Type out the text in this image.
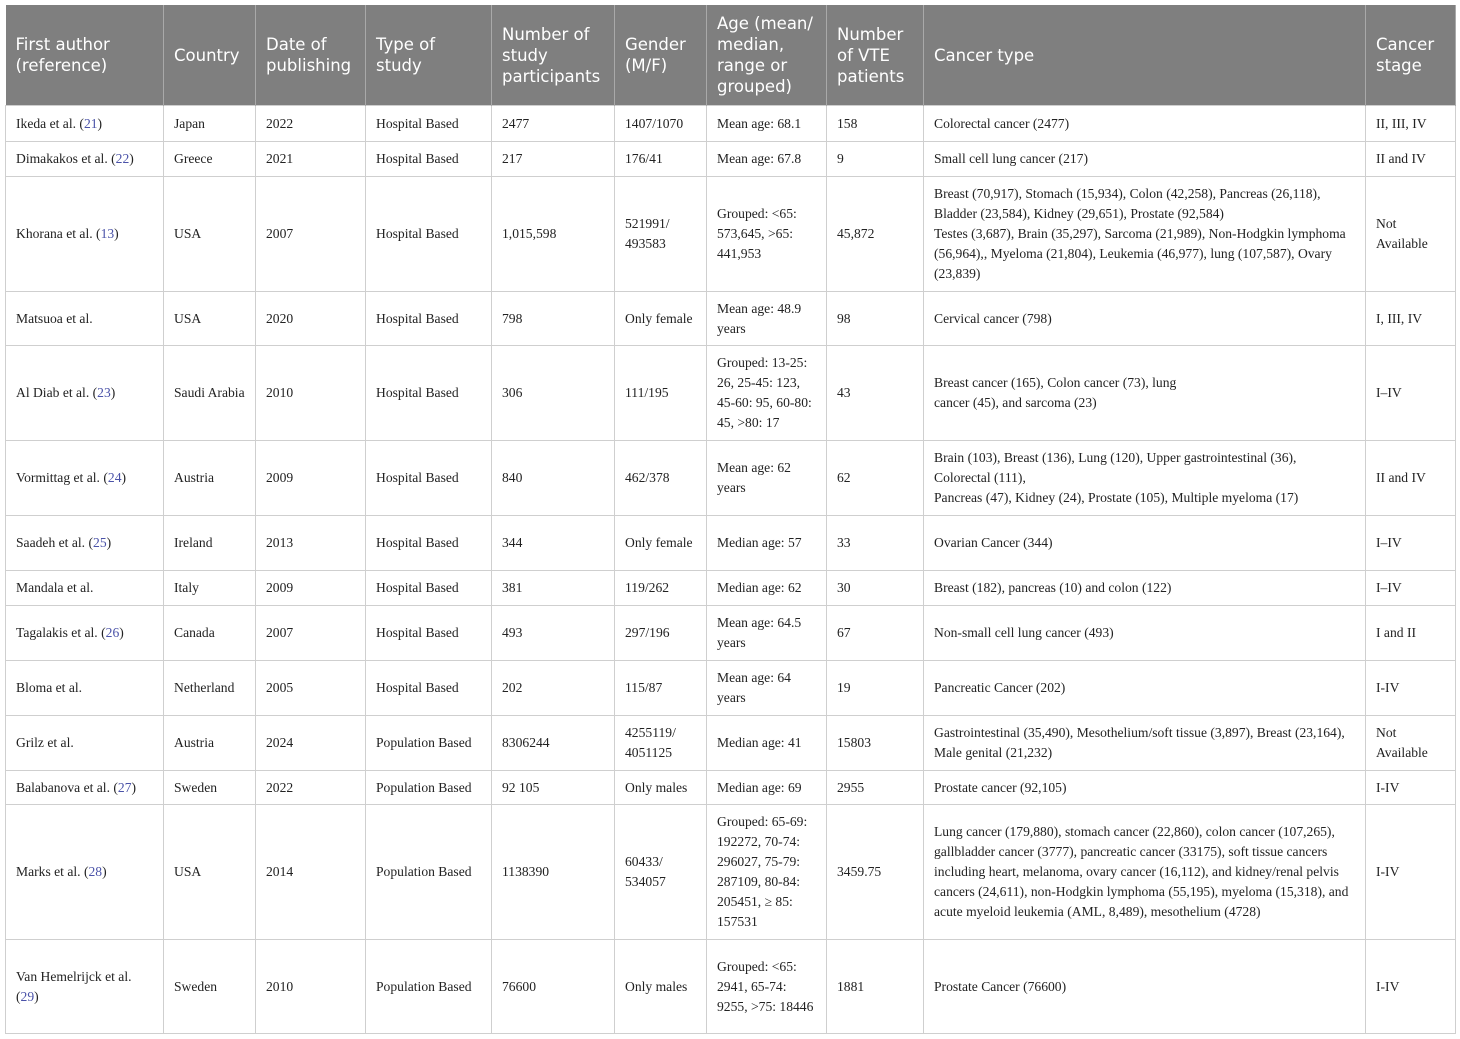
First author (reference)	Country	Date of publishing	Type of study	Number of study participants	Gender (M/F)	Age (mean/ median, range or grouped)	Number of VTE patients	Cancer type	Cancer stage
Ikeda et al. (21)	Japan	2022	Hospital Based	2477	1407/1070	Mean age: 68.1	158	Colorectal cancer (2477)	II, III, IV
Dimakakos et al. (22)	Greece	2021	Hospital Based	217	176/41	Mean age: 67.8	9	Small cell lung cancer (217)	II and IV
Khorana et al. (13)	USA	2007	Hospital Based	1,015,598	521991/ 493583	Grouped: <65: 573,645, >65: 441,953	45,872	Breast (70,917), Stomach (15,934), Colon (42,258), Pancreas (26,118), Bladder (23,584), Kidney (29,651), Prostate (92,584)
Testes (3,687), Brain (35,297), Sarcoma (21,989), Non-Hodgkin lymphoma (56,964),, Myeloma (21,804), Leukemia (46,977), lung (107,587), Ovary (23,839)	Not Available
Matsuoa et al.	USA	2020	Hospital Based	798	Only female	Mean age: 48.9 years	98	Cervical cancer (798)	I, III, IV
Al Diab et al. (23)	Saudi Arabia	2010	Hospital Based	306	111/195	Grouped: 13-25: 26, 25-45: 123, 45-60: 95, 60-80: 45, >80: 17	43	Breast cancer (165), Colon cancer (73), lung
cancer (45), and sarcoma (23)	I–IV
Vormittag et al. (24)	Austria	2009	Hospital Based	840	462/378	Mean age: 62 years	62	Brain (103), Breast (136), Lung (120), Upper gastrointestinal (36), Colorectal (111),
Pancreas (47), Kidney (24), Prostate (105), Multiple myeloma (17)	II and IV
Saadeh et al. (25)	Ireland	2013	Hospital Based	344	Only female	Median age: 57	33	Ovarian Cancer (344)	I–IV
Mandala et al.	Italy	2009	Hospital Based	381	119/262	Median age: 62	30	Breast (182), pancreas (10) and colon (122)	I–IV
Tagalakis et al. (26)	Canada	2007	Hospital Based	493	297/196	Mean age: 64.5 years	67	Non-small cell lung cancer (493)	I and II
Bloma et al.	Netherland	2005	Hospital Based	202	115/87	Mean age: 64 years	19	Pancreatic Cancer (202)	I-IV
Grilz et al.	Austria	2024	Population Based	8306244	4255119/ 4051125	Median age: 41	15803	Gastrointestinal (35,490), Mesothelium/soft tissue (3,897), Breast (23,164), Male genital (21,232)	Not Available
Balabanova et al. (27)	Sweden	2022	Population Based	92 105	Only males	Median age: 69	2955	Prostate cancer (92,105)	I-IV
Marks et al. (28)	USA	2014	Population Based	1138390	60433/ 534057	Grouped: 65-69: 192272, 70-74: 296027, 75-79: 287109, 80-84: 205451, ≥ 85: 157531	3459.75	Lung cancer (179,880), stomach cancer (22,860), colon cancer (107,265), gallbladder cancer (3777), pancreatic cancer (33175), soft tissue cancers including heart, melanoma, ovary cancer (16,112), and kidney/renal pelvis cancers (24,611), non-Hodgkin lymphoma (55,195), myeloma (15,318), and acute myeloid leukemia (AML, 8,489), mesothelium (4728)	I-IV
Van Hemelrijck et al. (29)	Sweden	2010	Population Based	76600	Only males	Grouped: <65: 2941, 65-74: 9255, >75: 18446	1881	Prostate Cancer (76600)	I-IV
